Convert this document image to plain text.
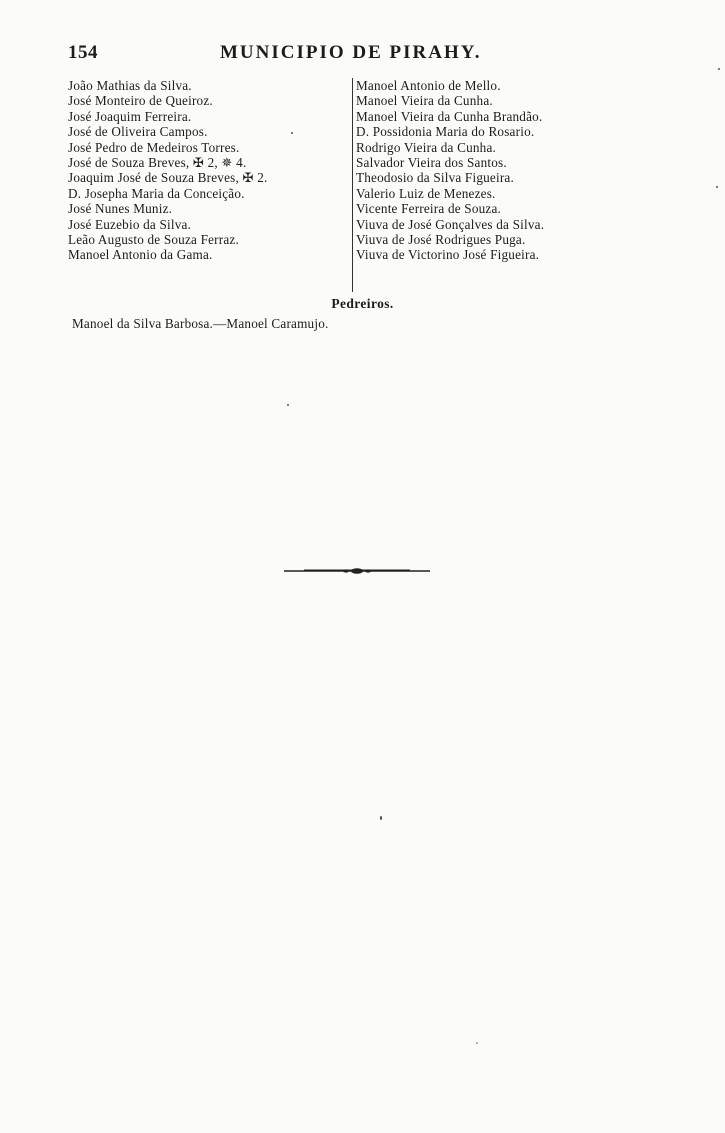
154	MUNICIPIO DE PIRAHY.
João Mathias da Silva.
José Monteiro de Queiroz.
José Joaquim Ferreira.
José de Oliveira Campos.
José Pedro de Medeiros Torres.
José de Souza Breves, ✠ 2, ✵ 4.
Joaquim José de Souza Breves, ✠ 2.
D. Josepha Maria da Conceição.
José Nunes Muniz.
José Euzebio da Silva.
Leão Augusto de Souza Ferraz.
Manoel Antonio da Gama.
Manoel Antonio de Mello.
Manoel Vieira da Cunha.
Manoel Vieira da Cunha Brandão.
D. Possidonia Maria do Rosario.
Rodrigo Vieira da Cunha.
Salvador Vieira dos Santos.
Theodosio da Silva Figueira.
Valerio Luiz de Menezes.
Vicente Ferreira de Souza.
Viuva de José Gonçalves da Silva.
Viuva de José Rodrigues Puga.
Viuva de Victorino José Figueira.
Pedreiros.
Manoel da Silva Barbosa.—Manoel Caramujo.
